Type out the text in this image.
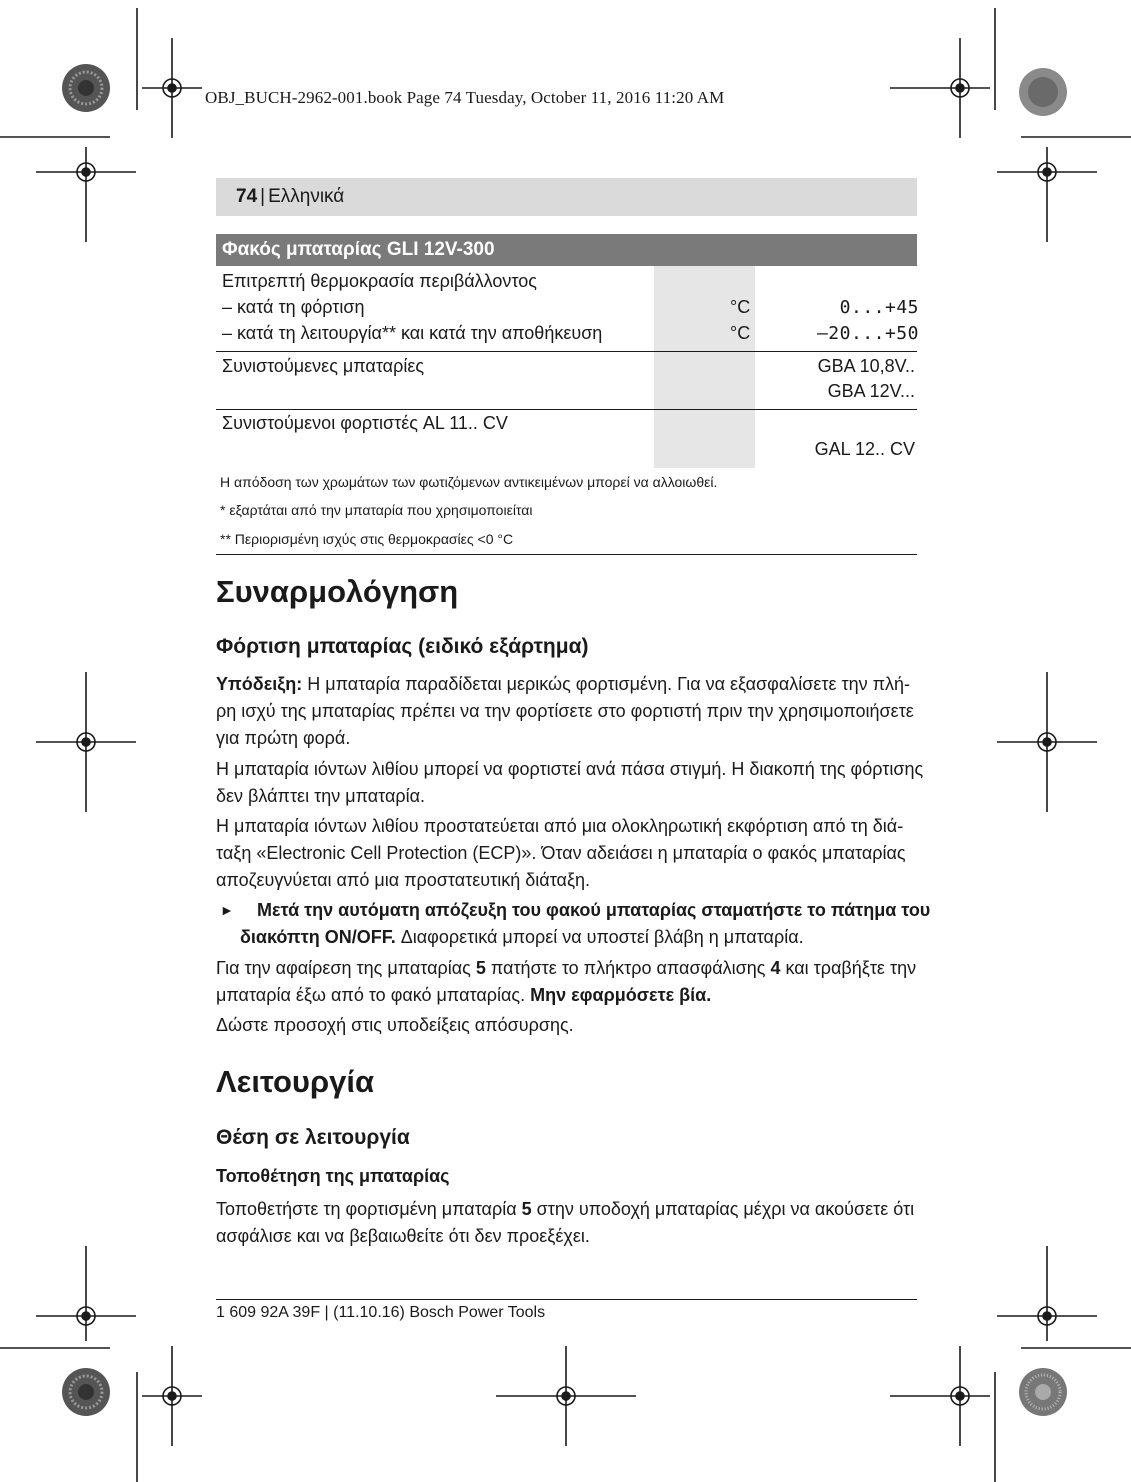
OBJ_BUCH-2962-001.book Page 74 Tuesday, October 11, 2016 11:20 AM
74 | Ελληνικά
Φακός μπαταρίας GLI 12V-300
Επιτρεπτή θερμοκρασία περιβάλλοντος
– κατά τη φόρτιση	°C	0...+45
– κατά τη λειτουργία** και κατά την αποθήκευση	°C	–20...+50
Συνιστούμενες μπαταρίες	GBA 10,8V..
GBA 12V...
Συνιστούμενοι φορτιστές AL 11.. CV
GAL 12.. CV
Η απόδοση των χρωμάτων των φωτιζόμενων αντικειμένων μπορεί να αλλοιωθεί.
* εξαρτάται από την μπαταρία που χρησιμοποιείται
** Περιορισμένη ισχύς στις θερμοκρασίες <0 °C
Συναρμολόγηση
Φόρτιση μπαταρίας (ειδικό εξάρτημα)
Υπόδειξη: Η μπαταρία παραδίδεται μερικώς φορτισμένη. Για να εξασφαλίσετε την πλή-
ρη ισχύ της μπαταρίας πρέπει να την φορτίσετε στο φορτιστή πριν την χρησιμοποιήσετε
για πρώτη φορά.
Η μπαταρία ιόντων λιθίου μπορεί να φορτιστεί ανά πάσα στιγμή. Η διακοπή της φόρτισης
δεν βλάπτει την μπαταρία.
Η μπαταρία ιόντων λιθίου προστατεύεται από μια ολοκληρωτική εκφόρτιση από τη διά-
ταξη «Electronic Cell Protection (ECP)». Όταν αδειάσει η μπαταρία ο φακός μπαταρίας
αποζευγνύεται από μια προστατευτική διάταξη.
► Μετά την αυτόματη απόζευξη του φακού μπαταρίας σταματήστε το πάτημα του
διακόπτη ON/OFF. Διαφορετικά μπορεί να υποστεί βλάβη η μπαταρία.
Για την αφαίρεση της μπαταρίας 5 πατήστε το πλήκτρο απασφάλισης 4 και τραβήξτε την
μπαταρία έξω από το φακό μπαταρίας. Μην εφαρμόσετε βία.
Δώστε προσοχή στις υποδείξεις απόσυρσης.
Λειτουργία
Θέση σε λειτουργία
Τοποθέτηση της μπαταρίας
Τοποθετήστε τη φορτισμένη μπαταρία 5 στην υποδοχή μπαταρίας μέχρι να ακούσετε ότι
ασφάλισε και να βεβαιωθείτε ότι δεν προεξέχει.
1 609 92A 39F | (11.10.16) Bosch Power Tools
